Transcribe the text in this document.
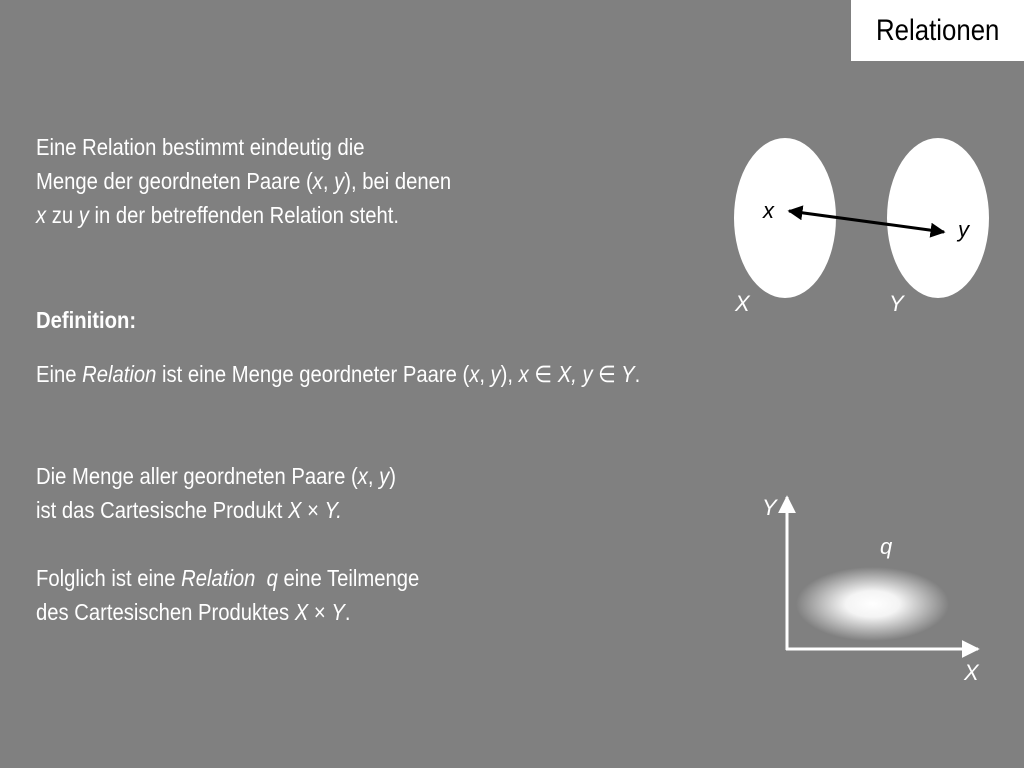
Relationen
Eine Relation bestimmt eindeutig die
Menge der geordneten Paare (x, y), bei denen
x zu y in der betreffenden Relation steht.
Definition:
Eine Relation ist eine Menge geordneter Paare (x, y), x ∈ X, y ∈ Y.
Die Menge aller geordneten Paare (x, y)
ist das Cartesische Produkt X × Y.
Folglich ist eine Relation q eine Teilmenge
des Cartesischen Produktes X × Y.
x
y
X	Y
Y
X
q
